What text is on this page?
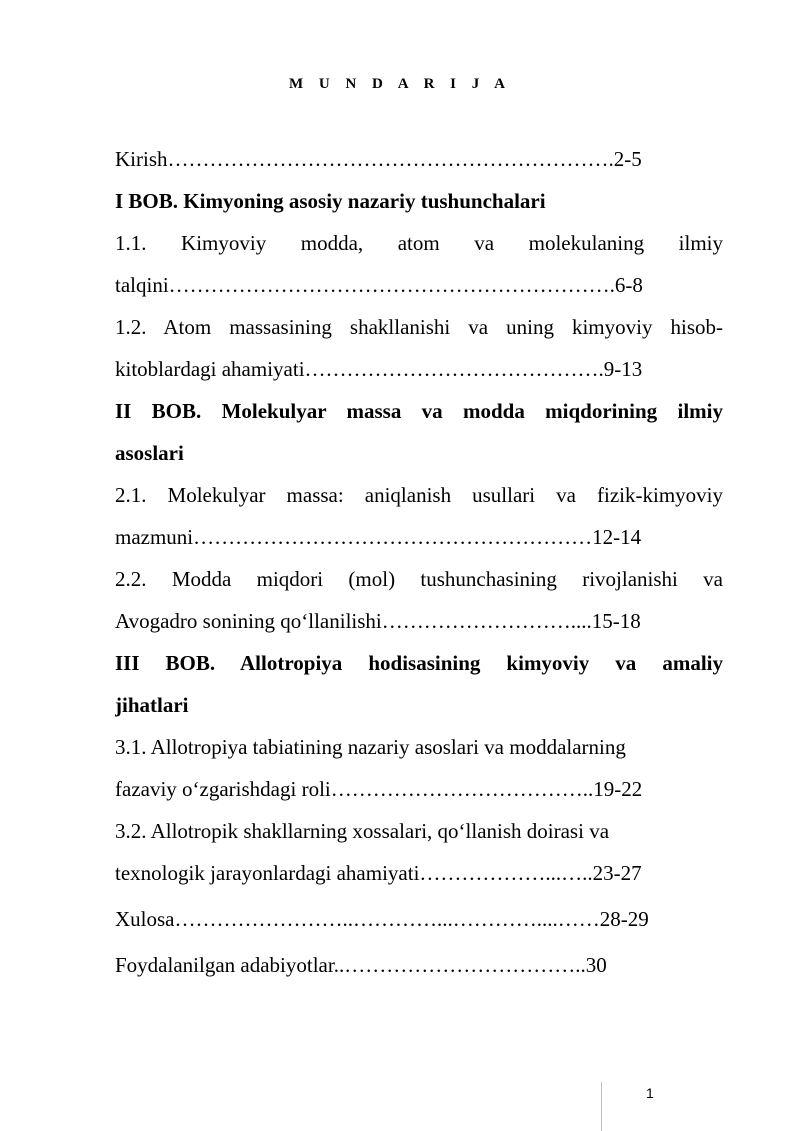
M U N D A R I J A
Kirish……………………………………………………….2-5
I BOB. Kimyoning asosiy nazariy tushunchalari
1.1. Kimyoviy modda, atom va molekulaning ilmiy
talqini……………………………………………………….6-8
1.2. Atom massasining shakllanishi va uning kimyoviy hisob-
kitoblardagi ahamiyati…………………………………….9-13
II BOB. Molekulyar massa va modda miqdorining ilmiy
asoslari
2.1. Molekulyar massa: aniqlanish usullari va fizik-kimyoviy
mazmuni…………………………………………………12-14
2.2. Modda miqdori (mol) tushunchasining rivojlanishi va
Avogadro sonining qo‘llanilishi………………………....15-18
III BOB. Allotropiya hodisasining kimyoviy va amaliy
jihatlari
3.1. Allotropiya tabiatining nazariy asoslari va moddalarning
fazaviy o‘zgarishdagi roli………………………………..19-22
3.2. Allotropik shakllarning xossalari, qo‘llanish doirasi va
texnologik jarayonlardagi ahamiyati………………...…..23-27
Xulosa……………………..…………...…………....……28-29
Foydalanilgan adabiyotlar..……………………………..30
1
